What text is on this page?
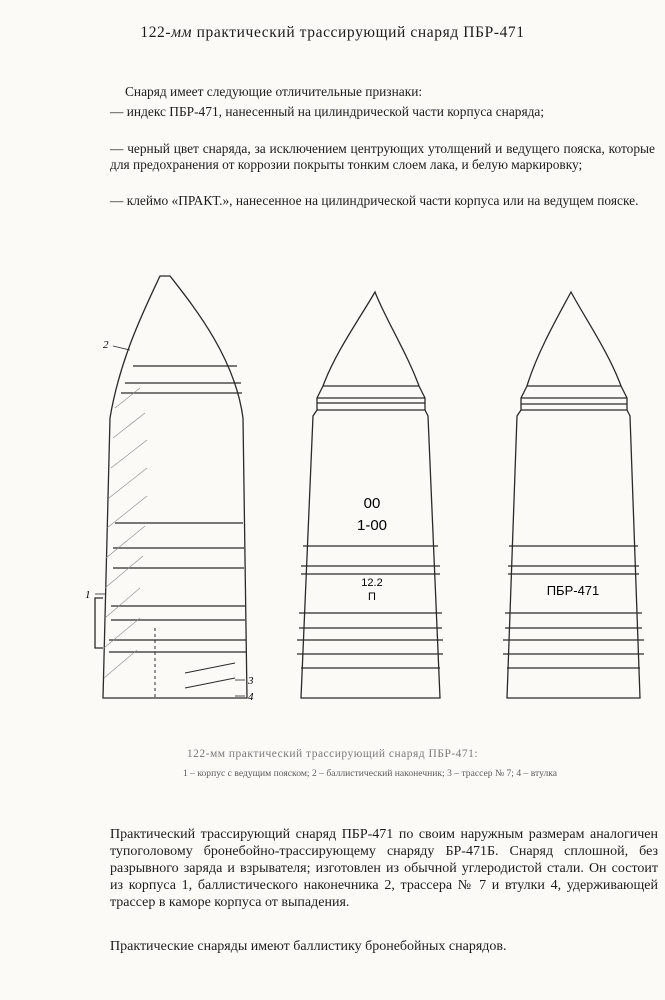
122-мм практический трассирующий снаряд ПБР-471
Снаряд имеет следующие отличительные признаки:
— индекс ПБР-471, нанесенный на цилиндрической части корпуса снаряда;
— черный цвет снаряда, за исключением центрующих утолщений и ведущего пояска, которые для предохранения от коррозии покрыты тонким слоем лака, и белую маркировку;
— клеймо «ПРАКТ.», нанесенное на цилиндрической части корпуса или на ведущем пояске.
2
1
3
4
00
1-00
12.2
П	ПБР-471
122-мм практический трассирующий снаряд ПБР-471:
1 – корпус с ведущим пояском; 2 – баллистический наконечник; 3 – трассер № 7; 4 – втулка
Практический трассирующий снаряд ПБР-471 по своим наружным размерам аналогичен тупоголовому бронебойно-трассирующему снаряду БР-471Б. Снаряд сплошной, без разрывного заряда и взрывателя; изготовлен из обычной углеродистой стали. Он состоит из корпуса 1, баллистического наконечника 2, трассера № 7 и втулки 4, удерживающей трассер в каморе корпуса от выпадения.
Практические снаряды имеют баллистику бронебойных снарядов.
